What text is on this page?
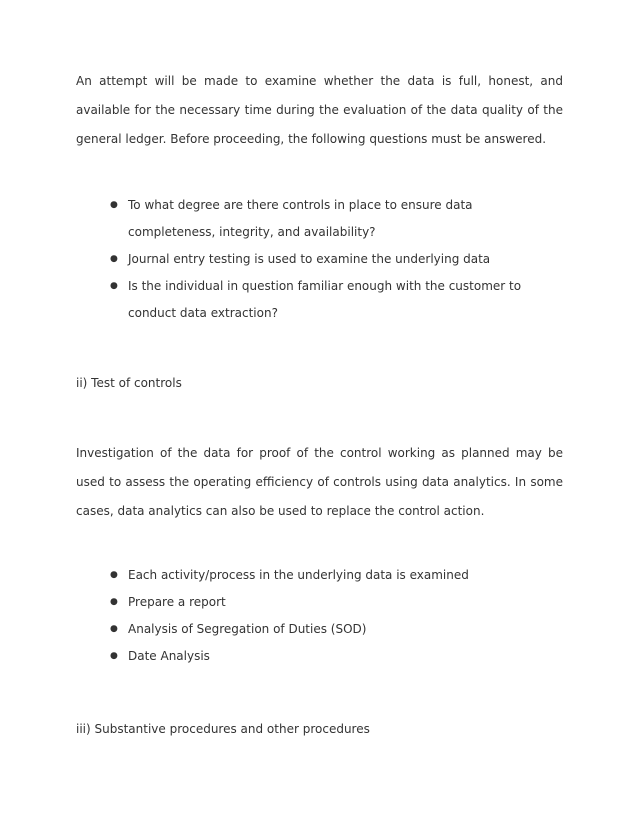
An attempt will be made to examine whether the data is full, honest, and available for the necessary time during the evaluation of the data quality of the general ledger. Before proceeding, the following questions must be answered.

● To what degree are there controls in place to ensure data completeness, integrity, and availability?
● Journal entry testing is used to examine the underlying data
● Is the individual in question familiar enough with the customer to conduct data extraction?

ii) Test of controls

Investigation of the data for proof of the control working as planned may be used to assess the operating efficiency of controls using data analytics. In some cases, data analytics can also be used to replace the control action.

● Each activity/process in the underlying data is examined
● Prepare a report
● Analysis of Segregation of Duties (SOD)
● Date Analysis

iii) Substantive procedures and other procedures
